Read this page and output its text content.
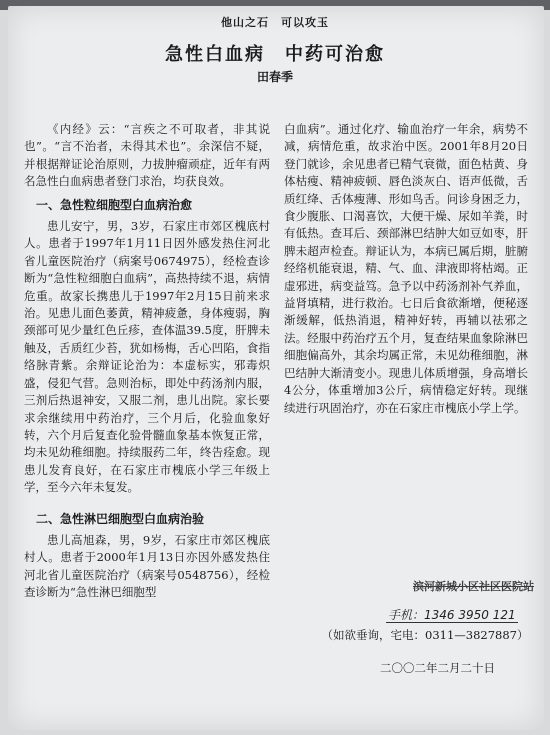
他山之石　可以攻玉
急性白血病　中药可治愈
田春季

《内经》云：“言疾之不可取者，非其说也”。“言不治者，未得其术也”。余深信不疑，并根据辩证论治原则，力拔肿瘤顽症，近年有两名急性白血病患者登门求治，均获良效。

一、急性粒细胞型白血病治愈

患儿安宁，男，3岁，石家庄市郊区槐底村人。患者于1997年1月11日因外感发热住河北省儿童医院治疗（病案号0674975），经检查诊断为“急性粒细胞白血病”，高热持续不退，病情危重。故家长携患儿于1997年2月15日前来求治。见患儿面色萎黄，精神疲惫，身体瘦弱，胸颈部可见少量红色丘疹，查体温39.5度，肝脾未触及，舌质红少苔，犹如杨梅，舌心凹陷，食指络脉青紫。余辩证论治为：本虚标实，邪毒炽盛，侵犯气营。急则治标，即处中药汤剂内服，三剂后热退神安，又服二剂，患儿出院。家长要求余继续用中药治疗，三个月后，化验血象好转，六个月后复查化验骨髓血象基本恢复正常，均未见幼稚细胞。持续服药二年，终告痊愈。现患儿发育良好，在石家庄市槐底小学三年级上学，至今六年未复发。

二、急性淋巴细胞型白血病治验

患儿高旭森，男，9岁，石家庄市郊区槐底村人。患者于2000年1月13日亦因外感发热住河北省儿童医院治疗（病案号0548756），经检查诊断为“急性淋巴细胞型

白血病”。通过化疗、输血治疗一年余，病势不减，病情危重，故求治中医。2001年8月20日登门就诊，余见患者已精气衰微，面色枯黄、身体枯瘦、精神疲顿、唇色淡灰白、语声低微，舌质红绛、舌体瘦薄、形如鸟舌。问诊身困乏力，食少腹胀、口渴喜饮，大便干燥、尿如羊粪，时有低热。查耳后、颈部淋巴结肿大如豆如枣，肝脾未超声检查。辩证认为，本病已属后期，脏腑经络机能衰退，精、气、血、津液即将枯竭。正虚邪进，病变益笃。急予以中药汤剂补气养血，益肾填精，进行救治。七日后食欲渐增，便秘逐渐缓解，低热消退，精神好转，再辅以祛邪之法。经服中药治疗五个月，复查结果血象除淋巴细胞偏高外，其余均属正常，未见幼稚细胞，淋巴结肿大渐清变小。现患儿体质增强，身高增长4公分，体重增加3公斤，病情稳定好转。现继续进行巩固治疗，亦在石家庄市槐底小学上学。

滨河新城小区社区医院站
手机：1346 3950 121
（如欲垂询，宅电：0311—3827887）
二〇〇二年二月二十日
